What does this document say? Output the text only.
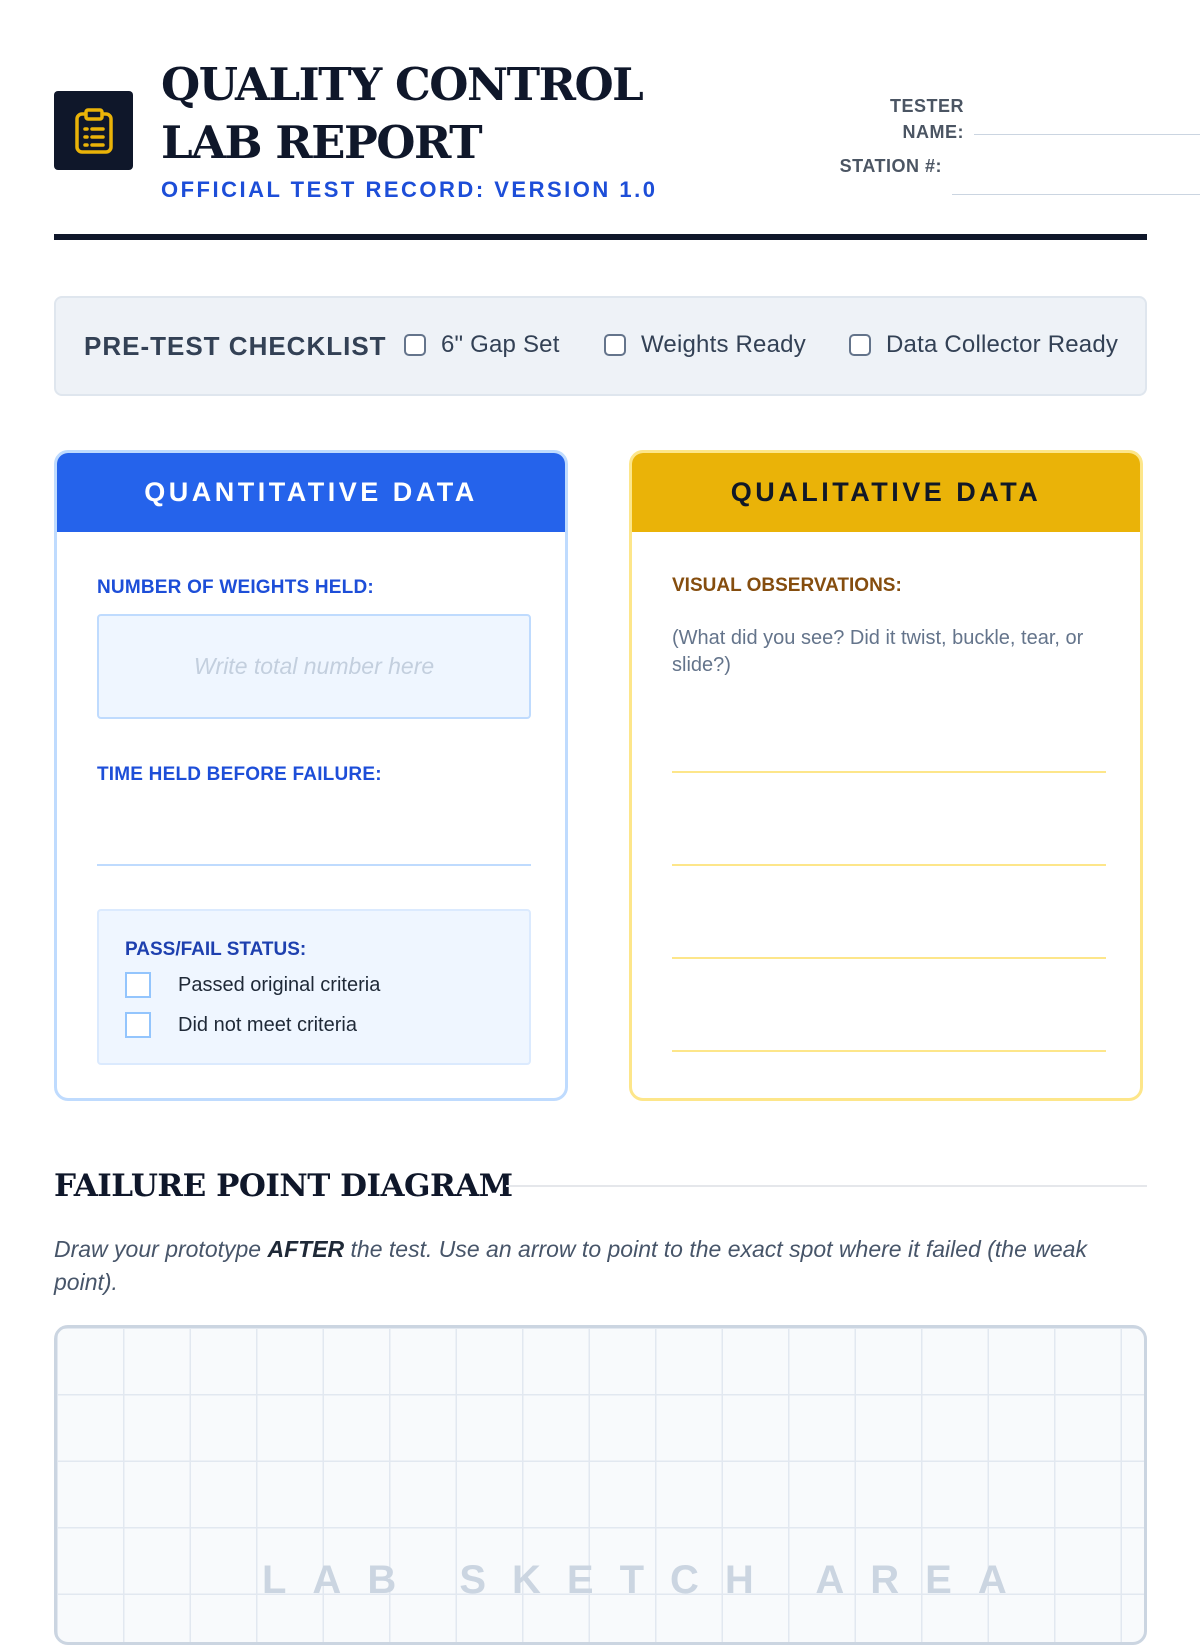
QUALITY CONTROL LAB REPORT
OFFICIAL TEST RECORD: VERSION 1.0
TESTER NAME:
STATION #:
PRE-TEST CHECKLIST 6" Gap Set	Weights Ready	Data Collector Ready
QUANTITATIVE DATA
NUMBER OF WEIGHTS HELD:
Write total number here
TIME HELD BEFORE FAILURE:
PASS/FAIL STATUS:
Passed original criteria
Did not meet criteria
QUALITATIVE DATA
VISUAL OBSERVATIONS:
(What did you see? Did it twist, buckle, tear, or slide?)
FAILURE POINT DIAGRAM
Draw your prototype AFTER the test. Use an arrow to point to the exact spot where it failed (the weak point).
LAB SKETCH AREA
